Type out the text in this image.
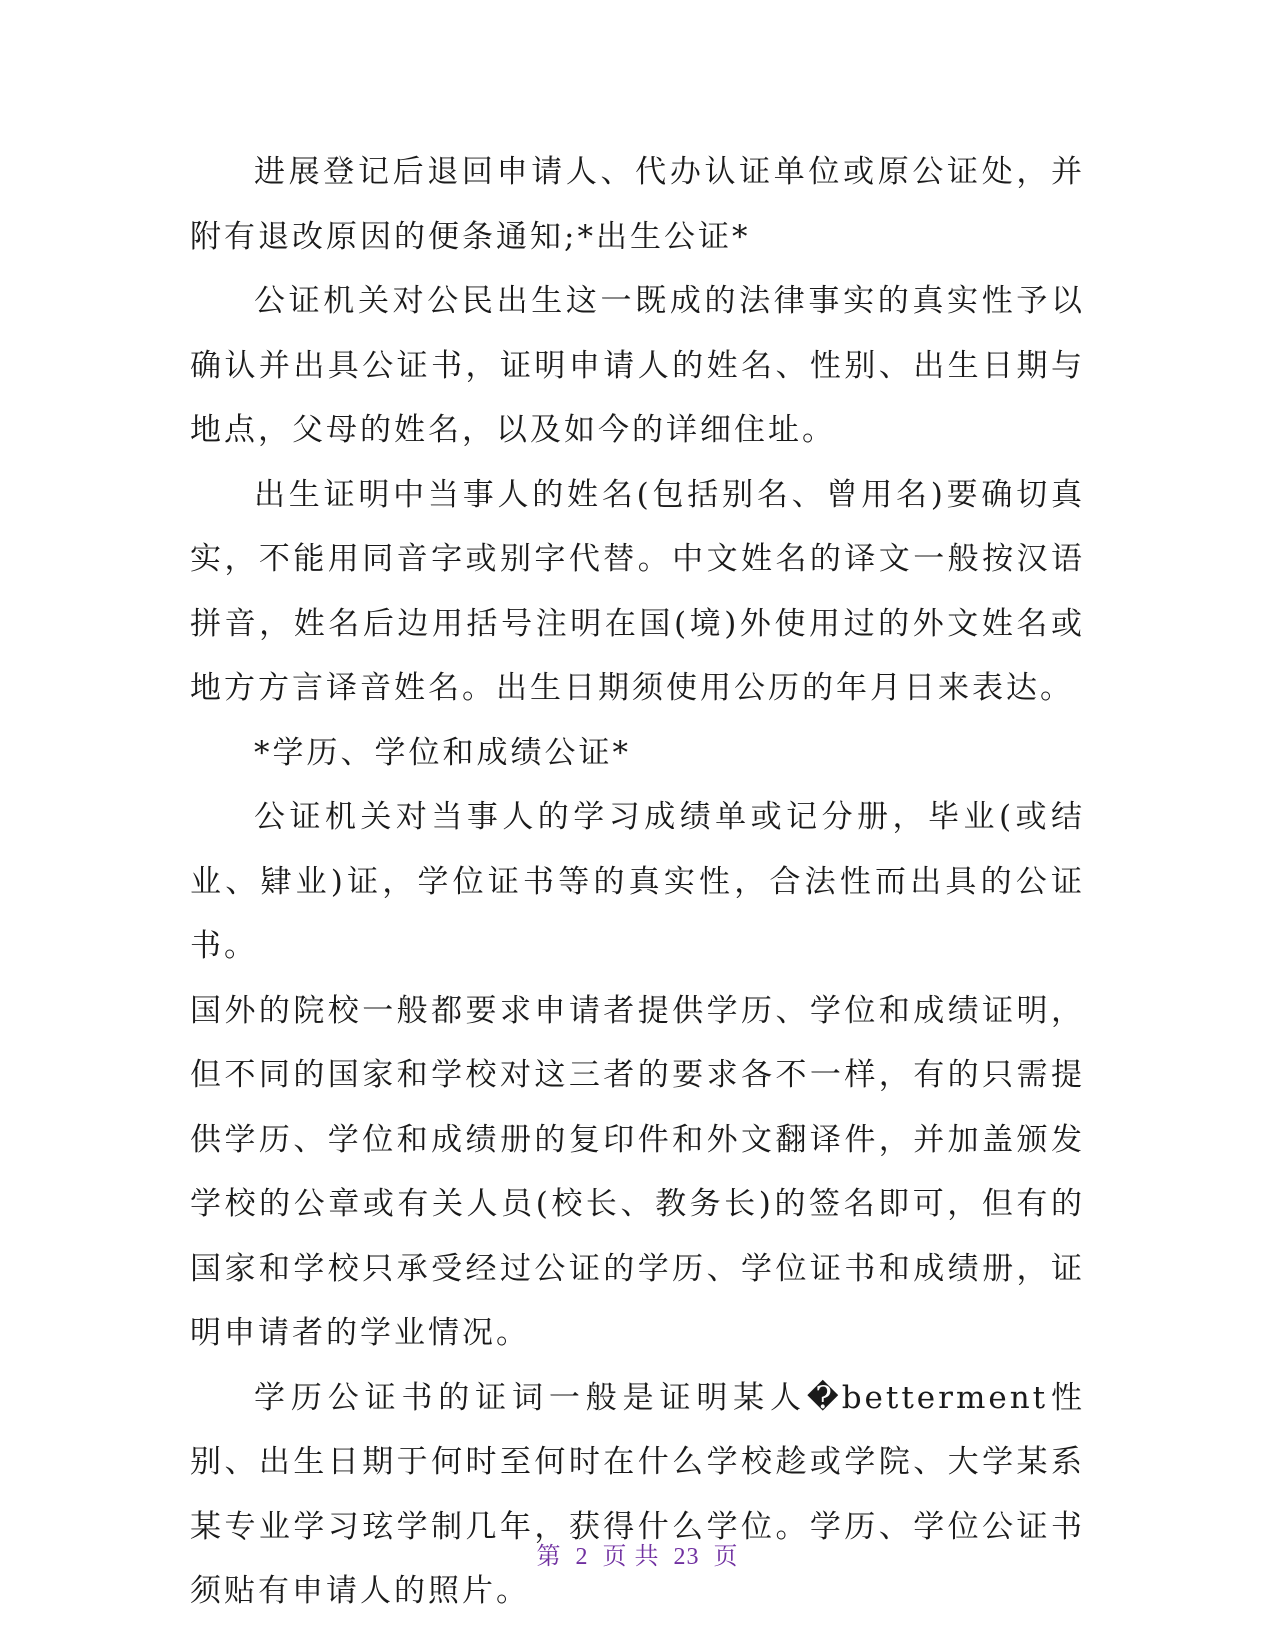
进展登记后退回申请人、代办认证单位或原公证处，并附有退改原因的便条通知;*出生公证*

公证机关对公民出生这一既成的法律事实的真实性予以确认并出具公证书，证明申请人的姓名、性别、出生日期与地点，父母的姓名，以及如今的详细住址。

出生证明中当事人的姓名(包括别名、曾用名)要确切真实，不能用同音字或别字代替。中文姓名的译文一般按汉语拼音，姓名后边用括号注明在国(境)外使用过的外文姓名或地方方言译音姓名。出生日期须使用公历的年月日来表达。

*学历、学位和成绩公证*

公证机关对当事人的学习成绩单或记分册，毕业(或结业、肄业)证，学位证书等的真实性，合法性而出具的公证书。

国外的院校一般都要求申请者提供学历、学位和成绩证明，但不同的国家和学校对这三者的要求各不一样，有的只需提供学历、学位和成绩册的复印件和外文翻译件，并加盖颁发学校的公章或有关人员(校长、教务长)的签名即可，但有的国家和学校只承受经过公证的学历、学位证书和成绩册，证明申请者的学业情况。

学历公证书的证词一般是证明某人�betterment性别、出生日期于何时至何时在什么学校趁或学院、大学某系某专业学习玹学制几年，获得什么学位。学历、学位公证书须贴有申请人的照片。

第 2 页 共 23 页
